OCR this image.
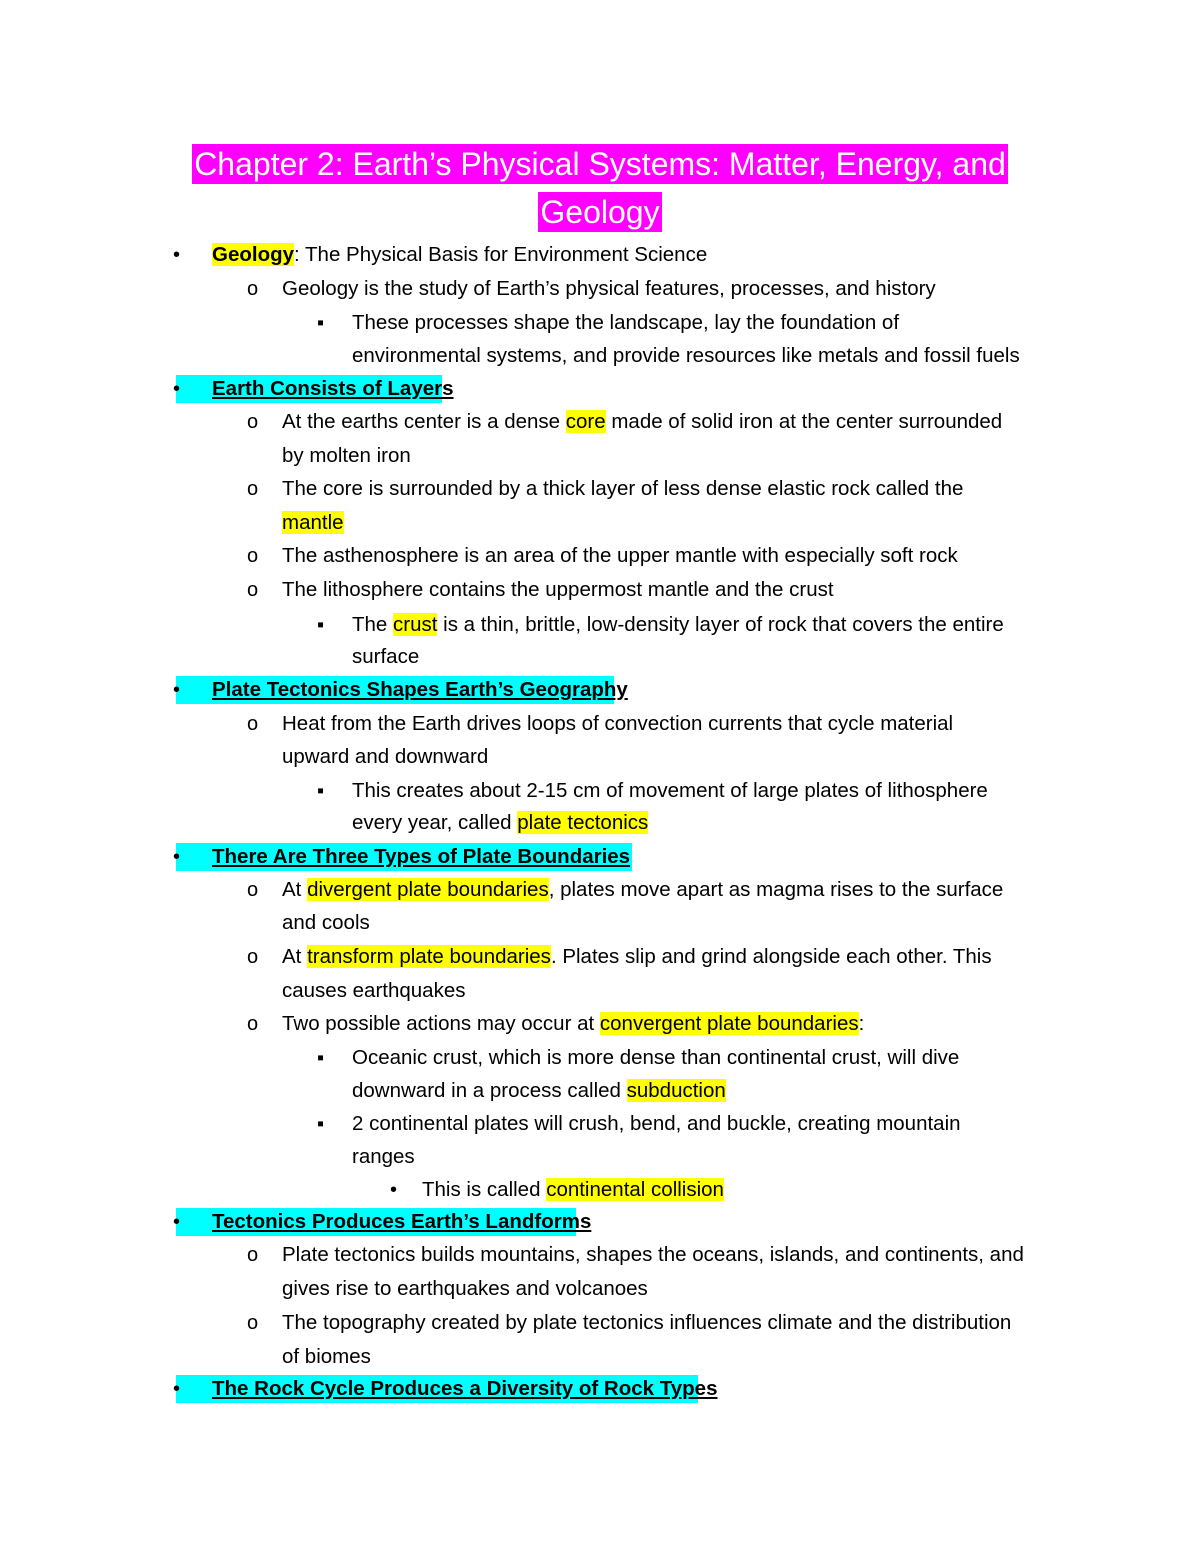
Chapter 2: Earth’s Physical Systems: Matter, Energy, and
Geology
• Geology: The Physical Basis for Environment Science
o Geology is the study of Earth’s physical features, processes, and history
▪ These processes shape the landscape, lay the foundation of
environmental systems, and provide resources like metals and fossil fuels
• Earth Consists of Layers
o At the earths center is a dense core made of solid iron at the center surrounded
by molten iron
o The core is surrounded by a thick layer of less dense elastic rock called the
mantle
o The asthenosphere is an area of the upper mantle with especially soft rock
o The lithosphere contains the uppermost mantle and the crust
▪ The crust is a thin, brittle, low-density layer of rock that covers the entire
surface
• Plate Tectonics Shapes Earth’s Geography
o Heat from the Earth drives loops of convection currents that cycle material
upward and downward
▪ This creates about 2-15 cm of movement of large plates of lithosphere
every year, called plate tectonics
• There Are Three Types of Plate Boundaries
o At divergent plate boundaries, plates move apart as magma rises to the surface
and cools
o At transform plate boundaries. Plates slip and grind alongside each other. This
causes earthquakes
o Two possible actions may occur at convergent plate boundaries:
▪ Oceanic crust, which is more dense than continental crust, will dive
downward in a process called subduction
▪ 2 continental plates will crush, bend, and buckle, creating mountain
ranges
• This is called continental collision
• Tectonics Produces Earth’s Landforms
o Plate tectonics builds mountains, shapes the oceans, islands, and continents, and
gives rise to earthquakes and volcanoes
o The topography created by plate tectonics influences climate and the distribution
of biomes
• The Rock Cycle Produces a Diversity of Rock Types
